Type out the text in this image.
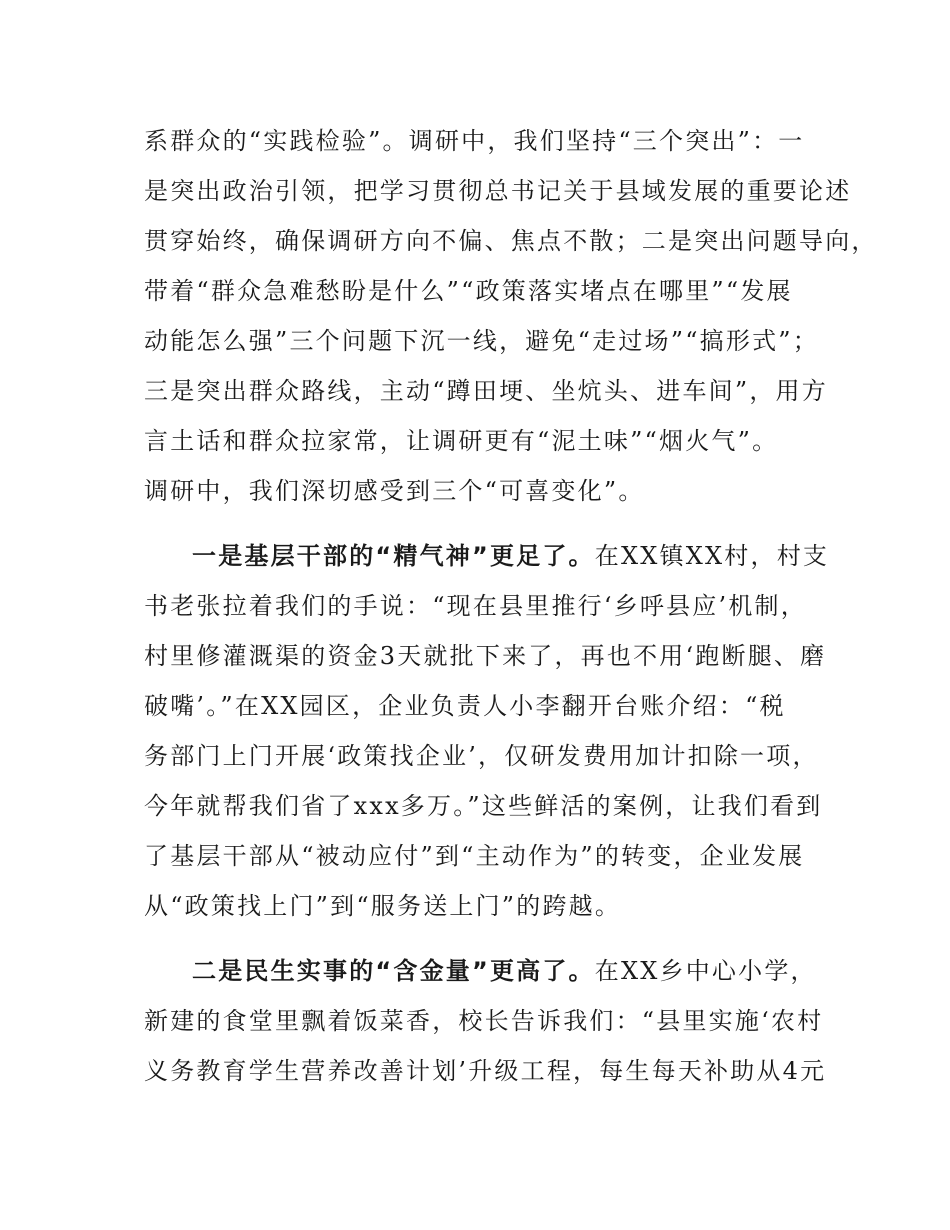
系群众的“实践检验”。调研中，我们坚持“三个突出”：一
是突出政治引领，把学习贯彻总书记关于县域发展的重要论述
贯穿始终，确保调研方向不偏、焦点不散；二是突出问题导向，
带着“群众急难愁盼是什么”“政策落实堵点在哪里”“发展
动能怎么强”三个问题下沉一线，避免“走过场”“搞形式”；
三是突出群众路线，主动“蹲田埂、坐炕头、进车间”，用方
言土话和群众拉家常，让调研更有“泥土味”“烟火气”。
调研中，我们深切感受到三个“可喜变化”。
一是基层干部的“精气神”更足了。在XX镇XX村，村支
书老张拉着我们的手说：“现在县里推行‘乡呼县应’机制，
村里修灌溉渠的资金3天就批下来了，再也不用‘跑断腿、磨
破嘴’。”在XX园区，企业负责人小李翻开台账介绍：“税
务部门上门开展‘政策找企业’，仅研发费用加计扣除一项，
今年就帮我们省了xxx多万。”这些鲜活的案例，让我们看到
了基层干部从“被动应付”到“主动作为”的转变，企业发展
从“政策找上门”到“服务送上门”的跨越。
二是民生实事的“含金量”更高了。在XX乡中心小学，
新建的食堂里飘着饭菜香，校长告诉我们：“县里实施‘农村
义务教育学生营养改善计划’升级工程，每生每天补助从4元
